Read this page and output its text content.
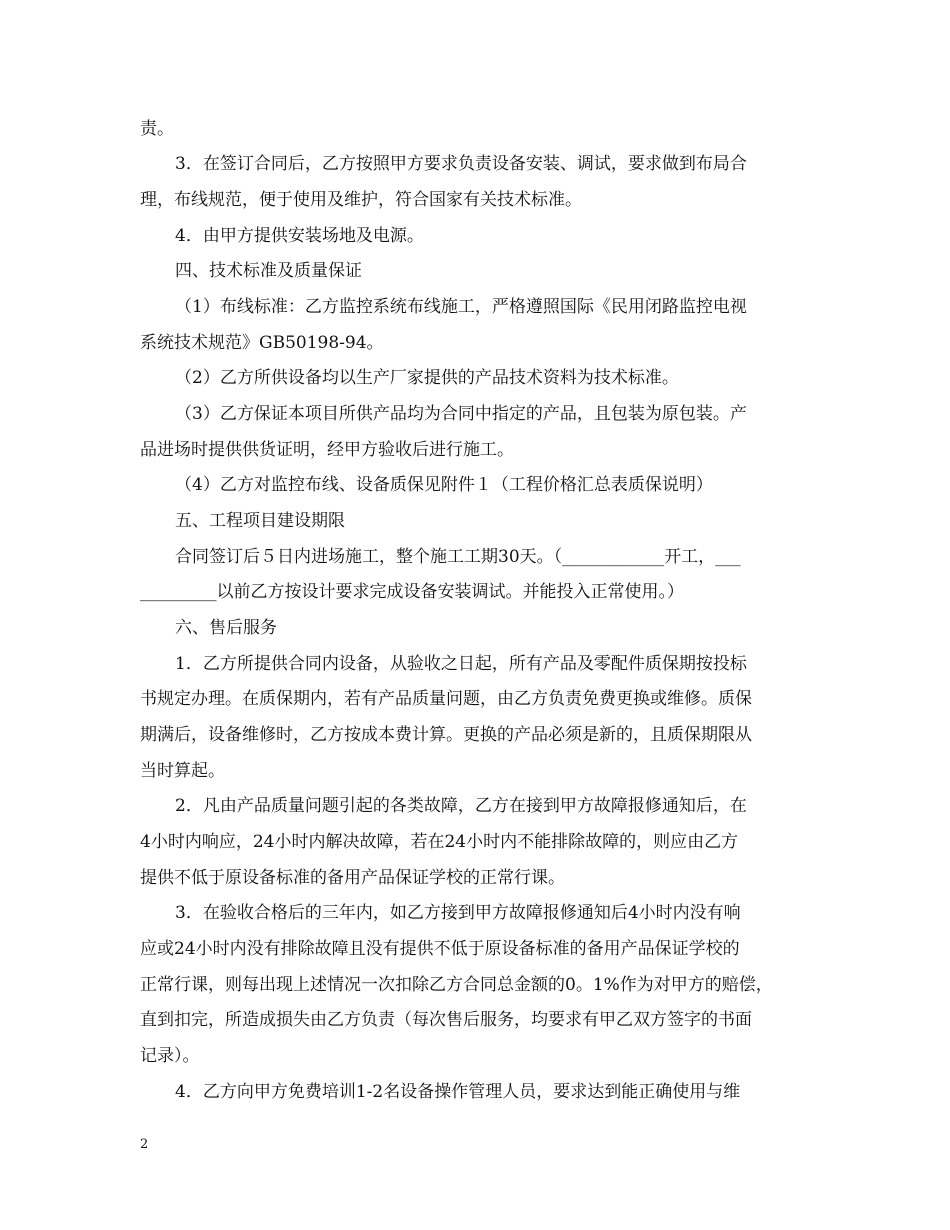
责。
3．在签订合同后，乙方按照甲方要求负责设备安装、调试，要求做到布局合
理，布线规范，便于使用及维护，符合国家有关技术标准。
4．由甲方提供安装场地及电源。
四、技术标准及质量保证
（1）布线标准：乙方监控系统布线施工，严格遵照国际《民用闭路监控电视
系统技术规范》GB50198-94。
（2）乙方所供设备均以生产厂家提供的产品技术资料为技术标准。
（3）乙方保证本项目所供产品均为合同中指定的产品，且包装为原包装。产
品进场时提供供货证明，经甲方验收后进行施工。
（4）乙方对监控布线、设备质保见附件１（工程价格汇总表质保说明）
五、工程项目建设期限
合同签订后５日内进场施工，整个施工工期30天。（____________开工，___
_________以前乙方按设计要求完成设备安装调试。并能投入正常使用。）
六、售后服务
1．乙方所提供合同内设备，从验收之日起，所有产品及零配件质保期按投标
书规定办理。在质保期内，若有产品质量问题，由乙方负责免费更换或维修。质保
期满后，设备维修时，乙方按成本费计算。更换的产品必须是新的，且质保期限从
当时算起。
2．凡由产品质量问题引起的各类故障，乙方在接到甲方故障报修通知后，在
4小时内响应，24小时内解决故障，若在24小时内不能排除故障的，则应由乙方
提供不低于原设备标准的备用产品保证学校的正常行课。
3．在验收合格后的三年内，如乙方接到甲方故障报修通知后4小时内没有响
应或24小时内没有排除故障且没有提供不低于原设备标准的备用产品保证学校的
正常行课，则每出现上述情况一次扣除乙方合同总金额的0。1%作为对甲方的赔偿，
直到扣完，所造成损失由乙方负责（每次售后服务，均要求有甲乙双方签字的书面
记录）。
4．乙方向甲方免费培训1-2名设备操作管理人员，要求达到能正确使用与维
2
